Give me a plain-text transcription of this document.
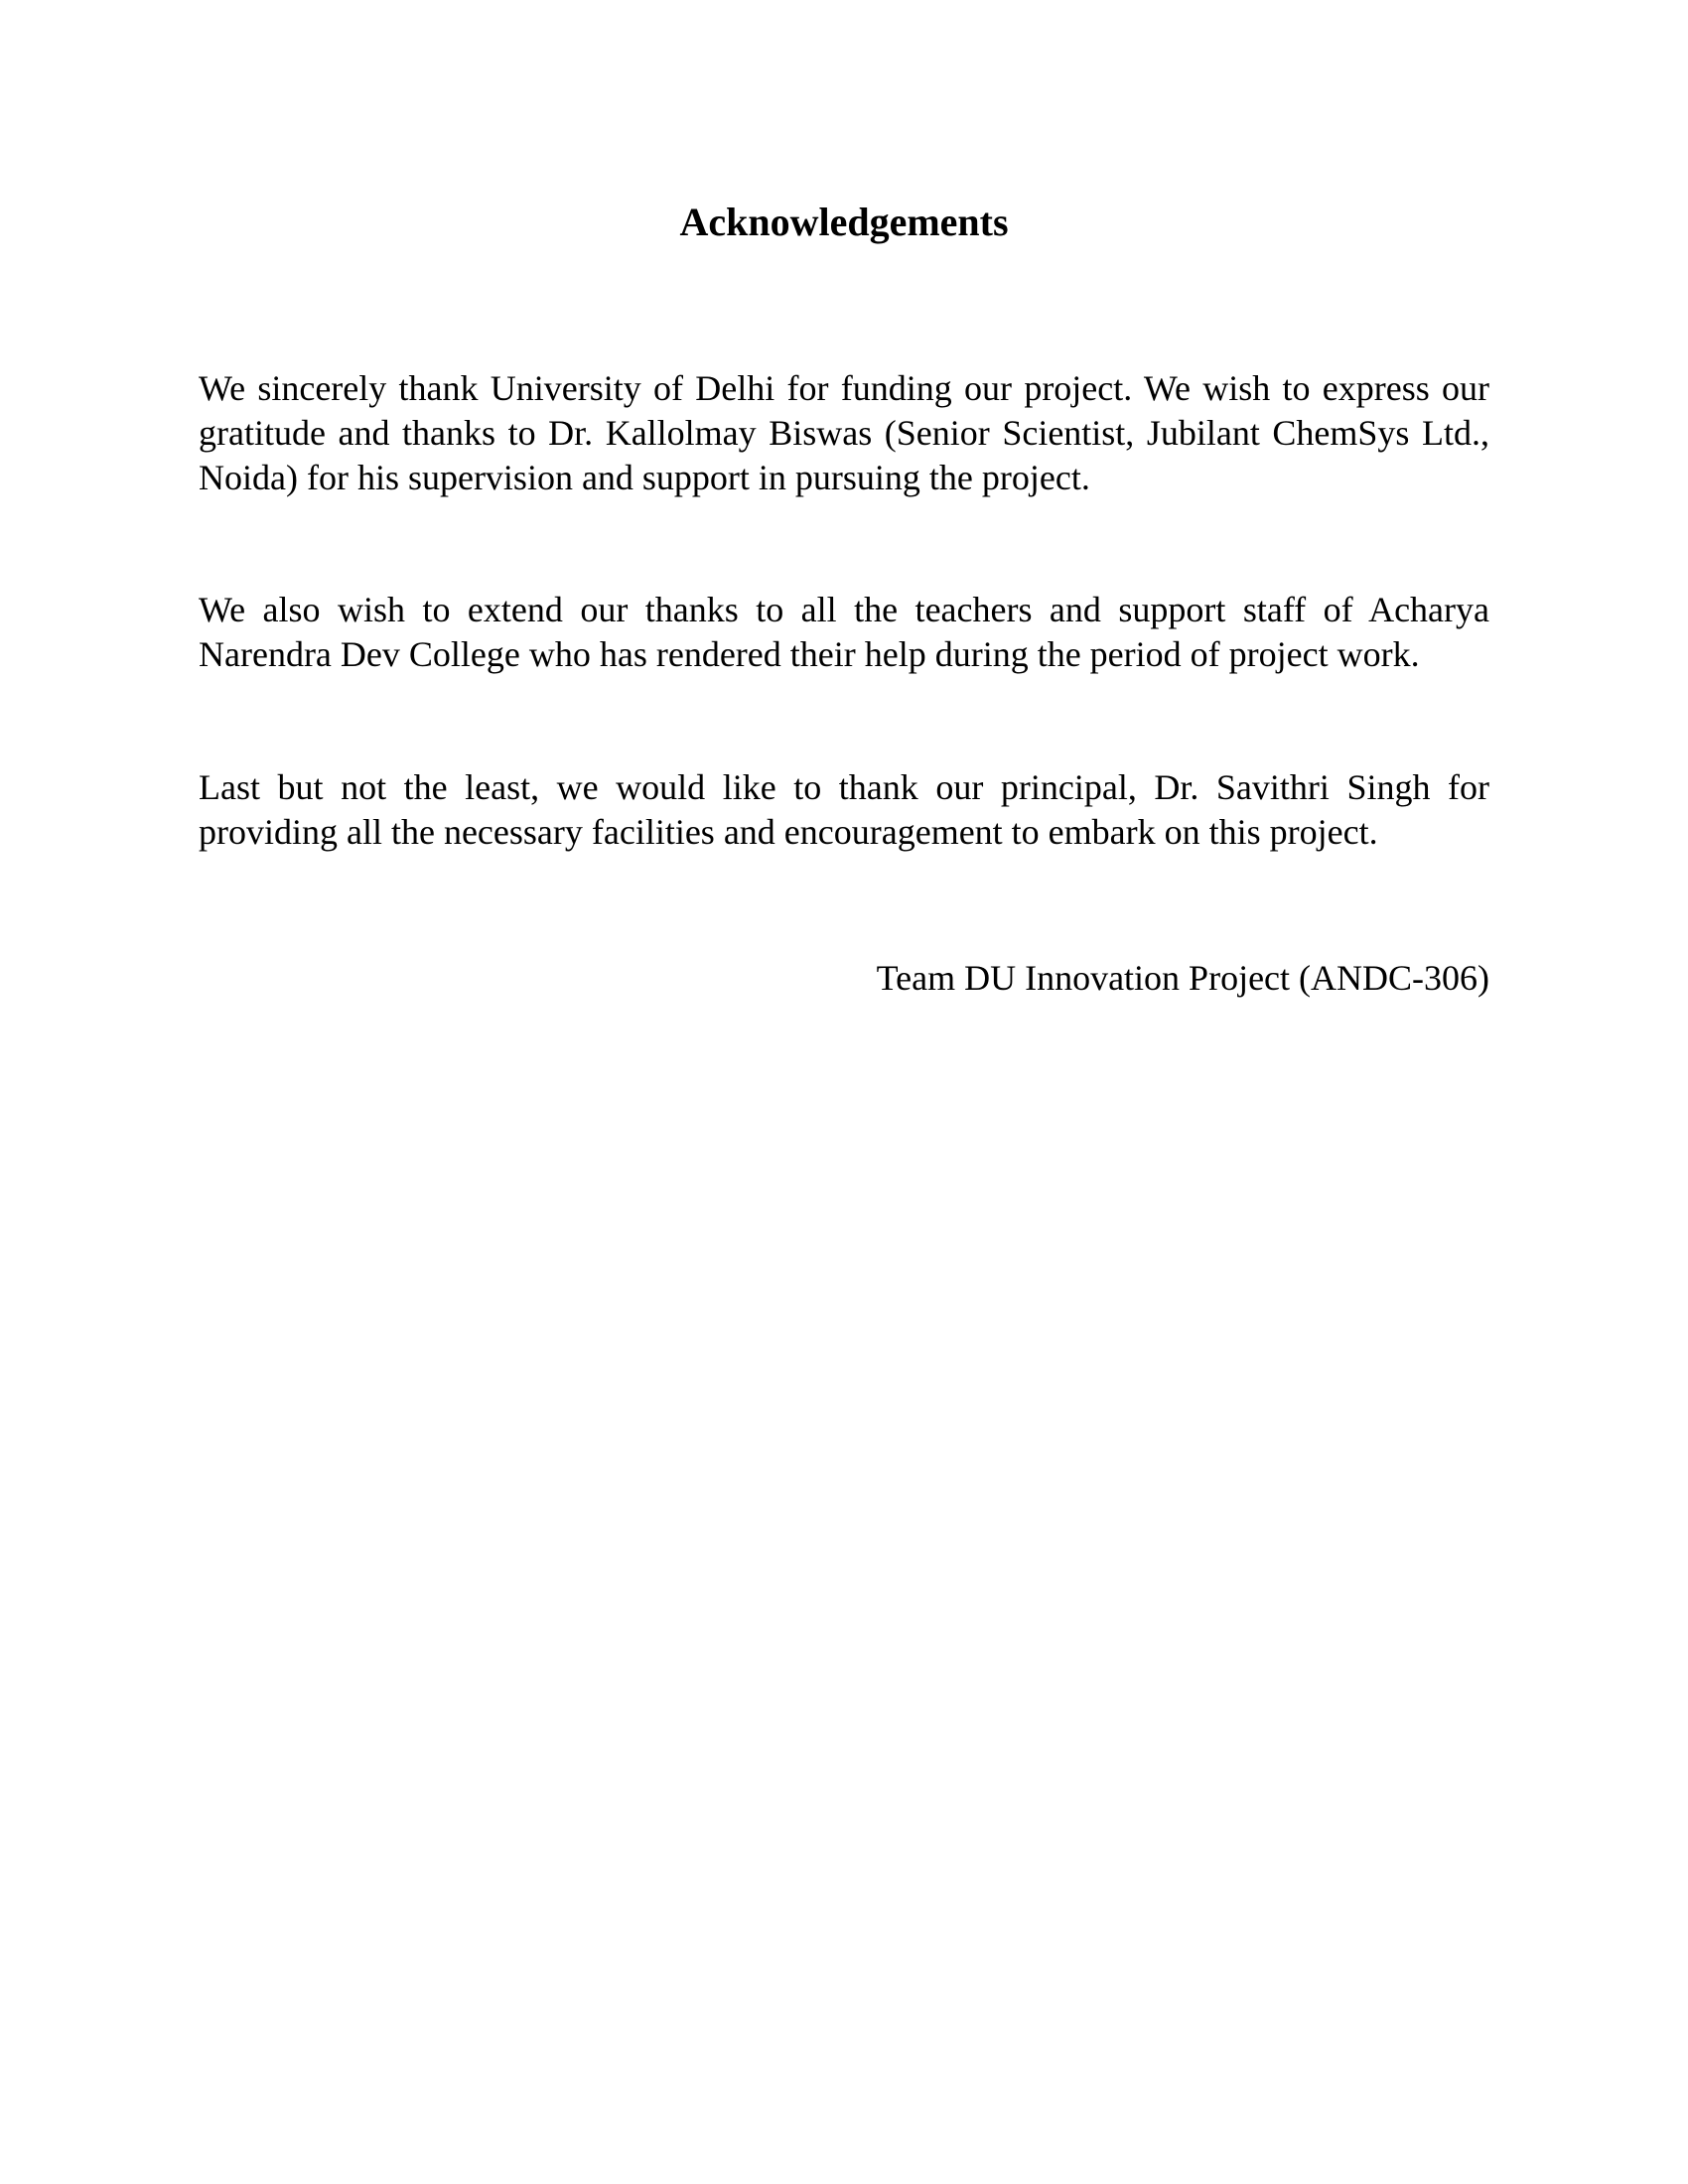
Acknowledgements

We sincerely thank University of Delhi for funding our project. We wish to express our gratitude and thanks to Dr. Kallolmay Biswas (Senior Scientist, Jubilant ChemSys Ltd., Noida) for his supervision and support in pursuing the project.

We also wish to extend our thanks to all the teachers and support staff of Acharya Narendra Dev College who has rendered their help during the period of project work.

Last but not the least, we would like to thank our principal, Dr. Savithri Singh for providing all the necessary facilities and encouragement to embark on this project.

Team DU Innovation Project (ANDC-306)
